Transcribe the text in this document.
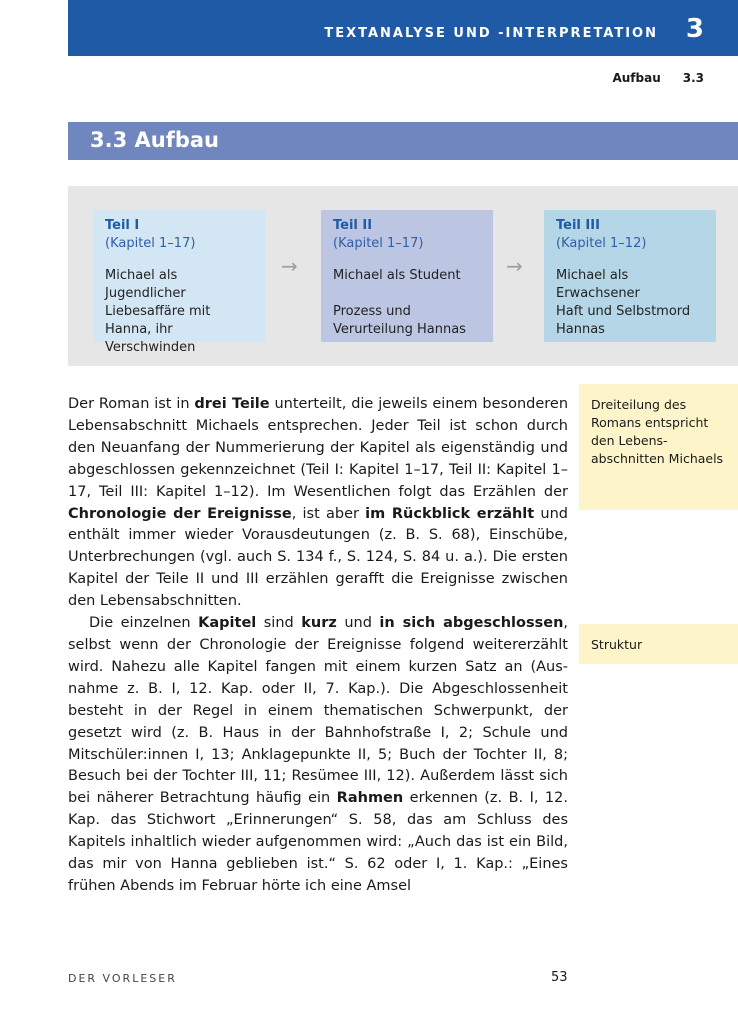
TEXTANALYSE UND -INTERPRETATION 3
Aufbau 3.3
3.3 Aufbau
Teil I
(Kapitel 1–17)
Michael als Jugendlicher
Liebesaffäre mit Hanna, ihr Verschwinden
→
Teil II
(Kapitel 1–17)
Michael als Student
Prozess und Verurteilung Hannas
→
Teil III
(Kapitel 1–12)
Michael als Erwachsener
Haft und Selbstmord Hannas

Der Roman ist in drei Teile unterteilt, die jeweils einem besonderen Lebensabschnitt Michaels entsprechen. Jeder Teil ist schon durch den Neuanfang der Nummerierung der Kapitel als eigenständig und abgeschlossen gekennzeichnet (Teil I: Kapitel 1–17, Teil II: Kapitel 1–17, Teil III: Kapitel 1–12). Im Wesentlichen folgt das Erzählen der Chronologie der Ereignisse, ist aber im Rückblick erzählt und enthält immer wieder Vorausdeutungen (z. B. S. 68), Einschübe, Unterbrechungen (vgl. auch S. 134 f., S. 124, S. 84 u. a.). Die ersten Kapitel der Teile II und III erzählen gerafft die Ereignisse zwischen den Lebensabschnitten.

Die einzelnen Kapitel sind kurz und in sich abgeschlossen, selbst wenn der Chronologie der Ereignisse folgend weitererzählt wird. Nahezu alle Kapitel fangen mit einem kurzen Satz an (Ausnahme z. B. I, 12. Kap. oder II, 7. Kap.). Die Abgeschlossenheit besteht in der Regel in einem thematischen Schwerpunkt, der gesetzt wird (z. B. Haus in der Bahnhofstraße I, 2; Schule und Mitschüler:innen I, 13; Anklagepunkte II, 5; Buch der Tochter II, 8; Besuch bei der Tochter III, 11; Resümee III, 12). Außerdem lässt sich bei näherer Betrachtung häufig ein Rahmen erkennen (z. B. I, 12. Kap. das Stichwort „Erinnerungen“ S. 58, das am Schluss des Kapitels inhaltlich wieder aufgenommen wird: „Auch das ist ein Bild, das mir von Hanna geblieben ist.“ S. 62 oder I, 1. Kap.: „Eines frühen Abends im Februar hörte ich eine Amsel

Dreiteilung des Romans entspricht den Lebensabschnitten Michaels
Struktur
DER VORLESER	53
